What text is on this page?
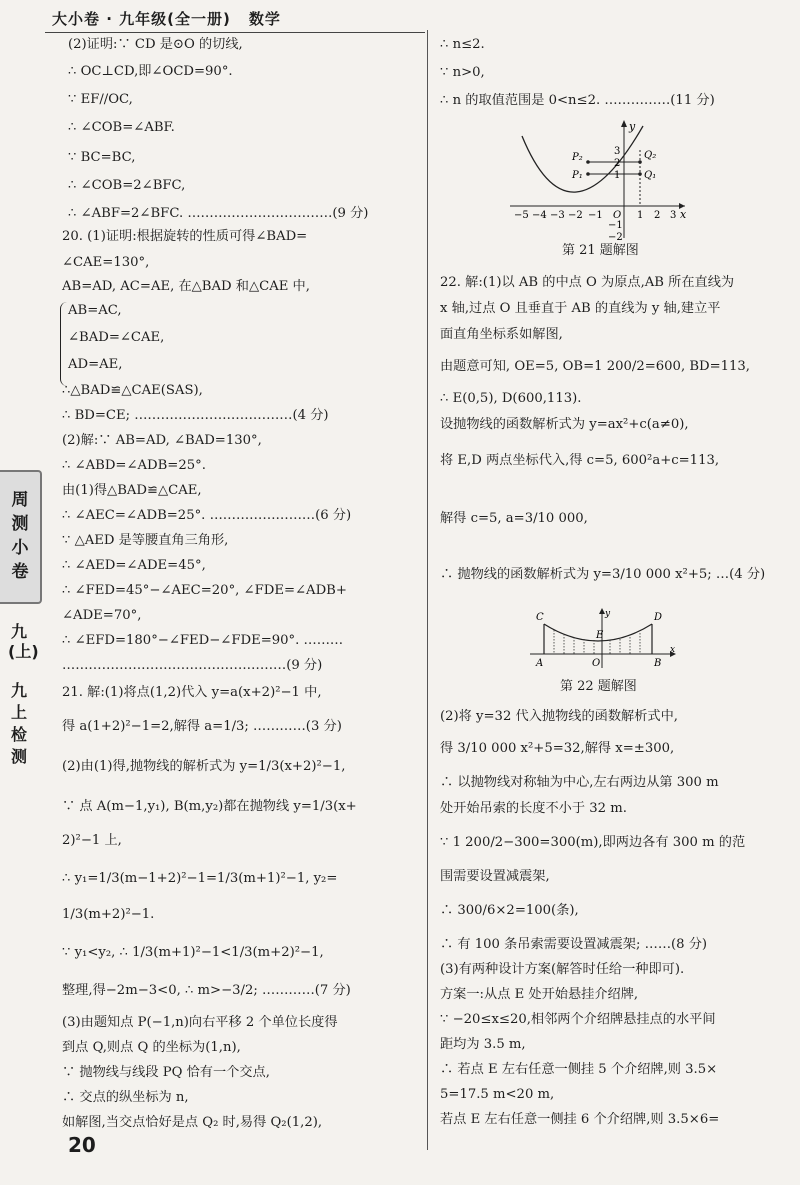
大小卷 · 九年级(全一册) 数学
(2)证明:∵ CD 是⊙O 的切线,
∴ OC⊥CD,即∠OCD=90°.
∵ EF//OC,
∴ ∠COB=∠ABF.
∵ BC=BC,
∴ ∠COB=2∠BFC,
∴ ∠ABF=2∠BFC. ……………………………(9 分)
20. (1)证明:根据旋转的性质可得∠BAD=
∠CAE=130°,
AB=AD, AC=AE, 在△BAD 和△CAE 中,
AB=AC,
∠BAD=∠CAE,
AD=AE,
∴△BAD≌△CAE(SAS),
∴ BD=CE; ………………………………(4 分)
(2)解:∵ AB=AD, ∠BAD=130°,
∴ ∠ABD=∠ADB=25°.
由(1)得△BAD≌△CAE,
∴ ∠AEC=∠ADB=25°. ……………………(6 分)
∵ △AED 是等腰直角三角形,
∴ ∠AED=∠ADE=45°,
∴ ∠FED=45°−∠AEC=20°, ∠FDE=∠ADB+
∠ADE=70°,
∴ ∠EFD=180°−∠FED−∠FDE=90°. ………
……………………………………………(9 分)
21. 解:(1)将点(1,2)代入 y=a(x+2)²−1 中,
得 a(1+2)²−1=2,解得 a=1/3; …………(3 分)
(2)由(1)得,抛物线的解析式为 y=1/3(x+2)²−1,
∵ 点 A(m−1,y₁), B(m,y₂)都在抛物线 y=1/3(x+
2)²−1 上,
∴ y₁=1/3(m−1+2)²−1=1/3(m+1)²−1, y₂=
1/3(m+2)²−1.
∵ y₁<y₂, ∴ 1/3(m+1)²−1<1/3(m+2)²−1,
整理,得−2m−3<0, ∴ m>−3/2; …………(7 分)
(3)由题知点 P(−1,n)向右平移 2 个单位长度得
到点 Q,则点 Q 的坐标为(1,n),
∵ 抛物线与线段 PQ 恰有一个交点,
∴ 交点的纵坐标为 n,
如解图,当交点恰好是点 Q₂ 时,易得 Q₂(1,2),
∴ n≤2.
∵ n>0,
∴ n 的取值范围是 0<n≤2. ……………(11 分)
y
x
P₂
P₁
Q₂
Q₁
O
−5 −4 −3 −2 −1	1 2 3
3
2
1
−1
−2
第 21 题解图
22. 解:(1)以 AB 的中点 O 为原点,AB 所在直线为
x 轴,过点 O 且垂直于 AB 的直线为 y 轴,建立平
面直角坐标系如解图,
由题意可知, OE=5, OB=1 200/2=600, BD=113,
∴ E(0,5), D(600,113).
设抛物线的函数解析式为 y=ax²+c(a≠0),
将 E,D 两点坐标代入,得 c=5, 600²a+c=113,
解得 c=5, a=3/10 000,
∴ 抛物线的函数解析式为 y=3/10 000 x²+5; …(4 分)
C	D
E
A	O	B
x
y
第 22 题解图
(2)将 y=32 代入抛物线的函数解析式中,
得 3/10 000 x²+5=32,解得 x=±300,
∴ 以抛物线对称轴为中心,左右两边从第 300 m
处开始吊索的长度不小于 32 m.
∵ 1 200/2−300=300(m),即两边各有 300 m 的范
围需要设置减震架,
∴ 300/6×2=100(条),
∴ 有 100 条吊索需要设置减震架; ……(8 分)
(3)有两种设计方案(解答时任给一种即可).
方案一:从点 E 处开始悬挂介绍牌,
∵ −20≤x≤20,相邻两个介绍牌悬挂点的水平间
距均为 3.5 m,
∴ 若点 E 左右任意一侧挂 5 个介绍牌,则 3.5×
5=17.5 m<20 m,
若点 E 左右任意一侧挂 6 个介绍牌,则 3.5×6=
周测小卷
九(上)
九上检测
20
